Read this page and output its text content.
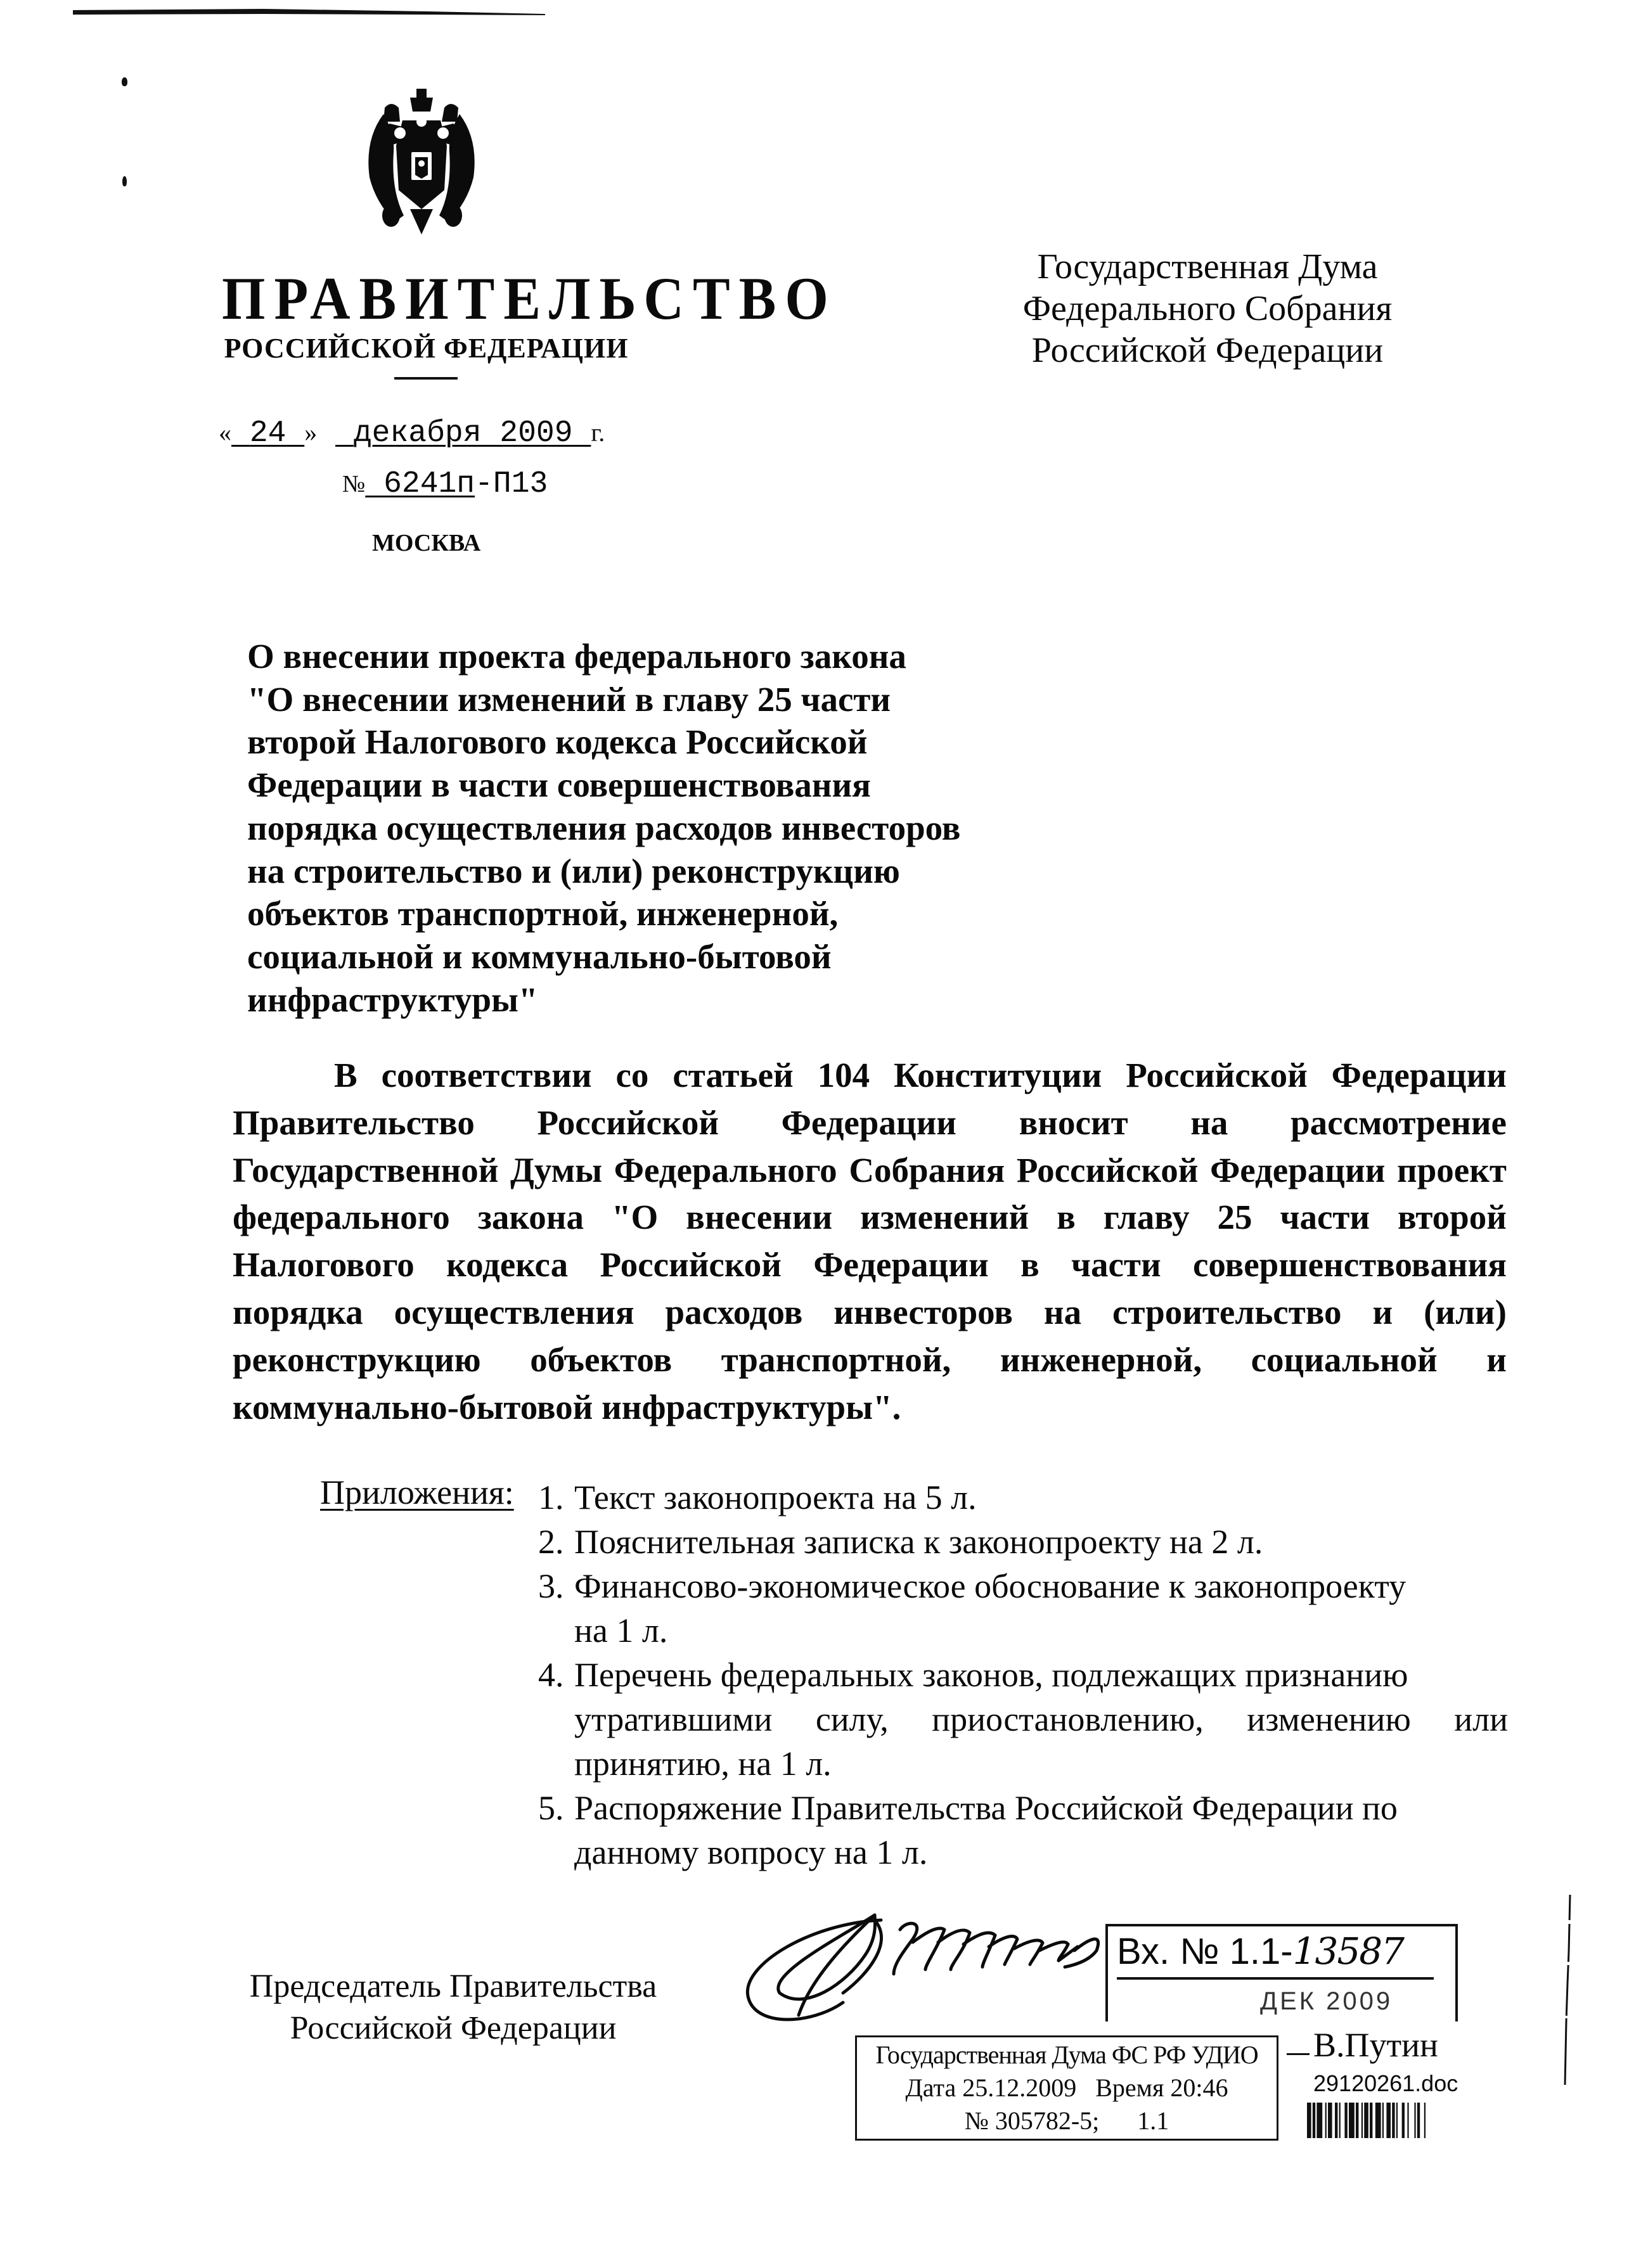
ПРАВИТЕЛЬСТВО
РОССИЙСКОЙ ФЕДЕРАЦИИ
« 24 » декабря 2009 г.
№ 6241п-П13
МОСКВА
Государственная Дума
Федерального Собрания
Российской Федерации
О внесении проекта федерального закона
"О внесении изменений в главу 25 части
второй Налогового кодекса Российской
Федерации в части совершенствования
порядка осуществления расходов инвесторов
на строительство и (или) реконструкцию
объектов транспортной, инженерной,
социальной и коммунально-бытовой
инфраструктуры"
В соответствии со статьей 104 Конституции Российской Федерации
Правительство Российской Федерации вносит на рассмотрение
Государственной Думы Федерального Собрания Российской Федерации проект
федерального закона "О внесении изменений в главу 25 части второй
Налогового кодекса Российской Федерации в части совершенствования
порядка осуществления расходов инвесторов на строительство и (или)
реконструкцию объектов транспортной, инженерной, социальной и
коммунально-бытовой инфраструктуры".
Приложения: 1. Текст законопроекта на 5 л.
2. Пояснительная записка к законопроекту на 2 л.
3. Финансово-экономическое обоснование к законопроекту
на 1 л.
4. Перечень федеральных законов, подлежащих признанию
утратившими силу, приостановлению, изменению или
принятию, на 1 л.
5. Распоряжение Правительства Российской Федерации по
данному вопросу на 1 л.
Председатель Правительства
Российской Федерации
Вх. № 1.1-13587
ДЕК 2009
Государственная Дума ФС РФ УДИО
Дата 25.12.2009 Время 20:46
№ 305782-5; 1.1
В.Путин
29120261.doc
